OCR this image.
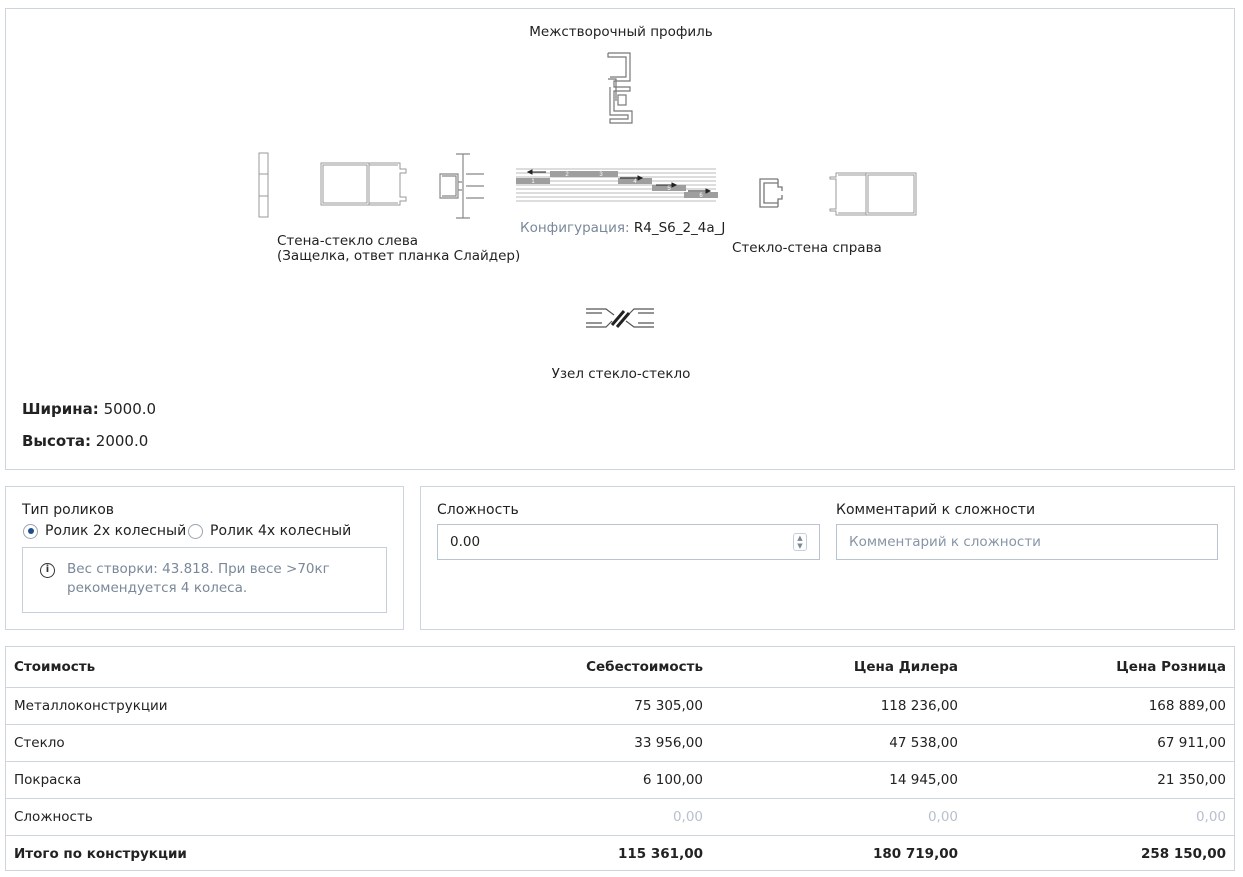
Межстворочный профиль
1
2	3
4
5
6
Конфигурация: R4_S6_2_4a_J
Стена-стекло слева
(Защелка, ответ планка Слайдер)	Стекло-стена справа
Узел стекло-стекло
Ширина: 5000.0
Высота: 2000.0
Тип роликов
Ролик 2х колесный Ролик 4х колесный
i	Вес створки: 43.818. При весе >70кг рекомендуется 4 колеса.
Сложность
0.00	▲
▼
Комментарий к сложности
Комментарий к сложности
Стоимость	Себестоимость	Цена Дилера	Цена Розница
Металлоконструкции	75 305,00	118 236,00	168 889,00
Стекло	33 956,00	47 538,00	67 911,00
Покраска	6 100,00	14 945,00	21 350,00
Сложность	0,00	0,00	0,00
Итого по конструкции	115 361,00	180 719,00	258 150,00
